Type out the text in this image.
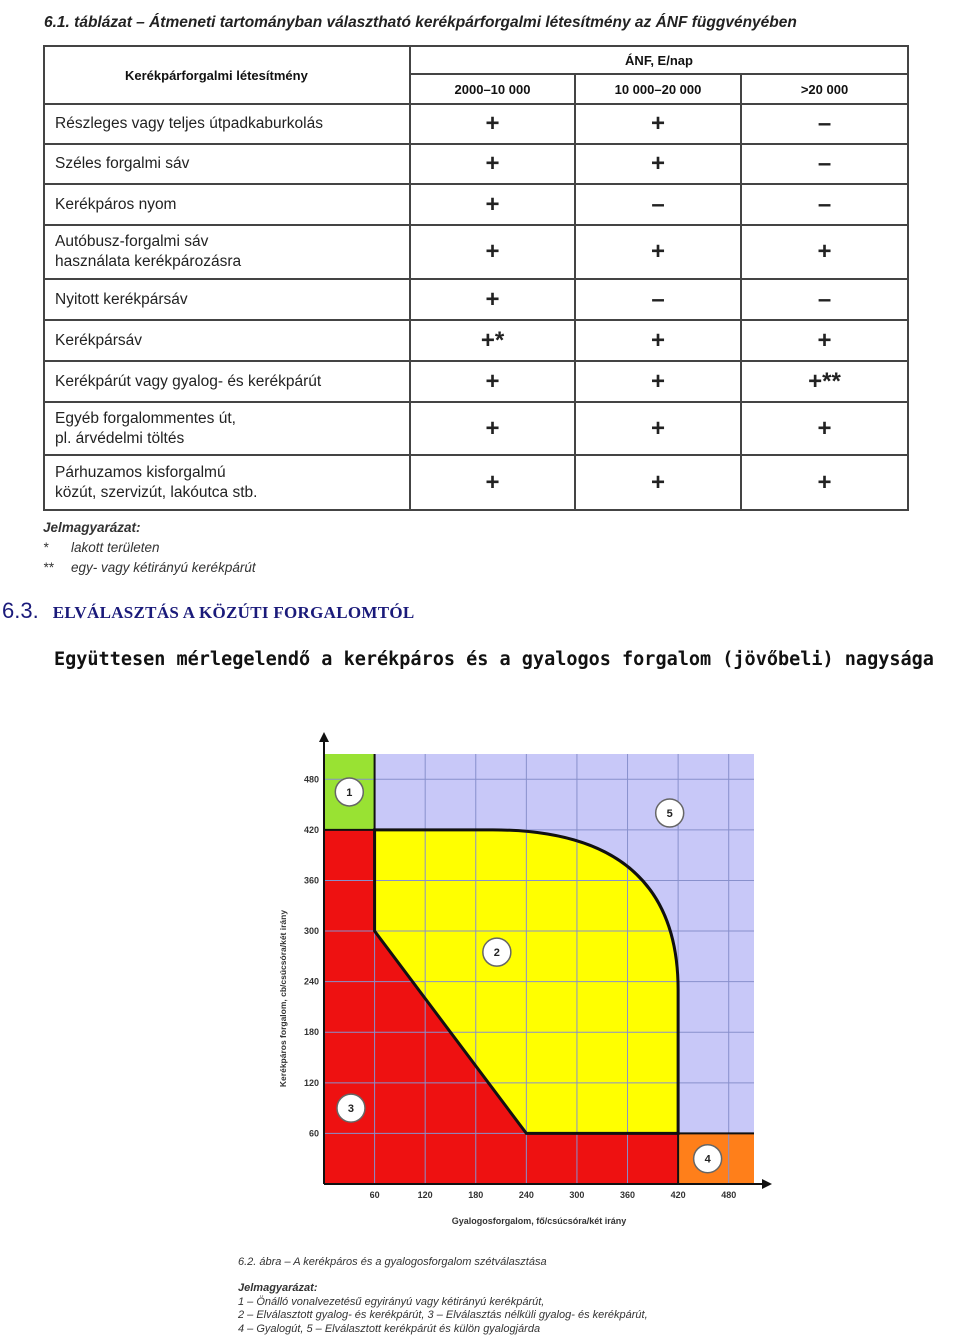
6.1. táblázat – Átmeneti tartományban választható kerékpárforgalmi létesítmény az ÁNF függvényében
Kerékpárforgalmi létesítmény	ÁNF, E/nap		
	2000–10 000	10 000–20 000	>20 000

Részleges vagy teljes útpadkaburkolás	+	+	–

Széles forgalmi sáv	+	+	–

Kerékpáros nyom	+	–	–

Autóbusz-forgalmi sáv
használata kerékpározásra	+	+	+

Nyitott kerékpársáv	+	–	–

Kerékpársáv	+*	+	+

Kerékpárút vagy gyalog- és kerékpárút	+	+	+**

Egyéb forgalommentes út,
pl. árvédelmi töltés	+	+	+

Párhuzamos kisforgalmú
közút, szervizút, lakóutca stb.	+	+	+
Jelmagyarázat:
*	lakott területen
**	egy- vagy kétirányú kerékpárút
6.3. ELVÁLASZTÁS A KÖZÚTI FORGALOMTÓL
Együttesen mérlegelendő a kerékpáros és a gyalogos forgalom (jövőbeli) nagysága
60	120	180	240	300	360	420	480
60
120
180
240
300
360
420
480
Gyalogosforgalom, fő/csúcsóra/két irány
Kerékpáros forgalom, cb/csúcsóra/két irány
1
2
3
4
5
6.2. ábra – A kerékpáros és a gyalogosforgalom szétválasztása
Jelmagyarázat:
1 – Önálló vonalvezetésű egyirányú vagy kétirányú kerékpárút,
2 – Elválasztott gyalog- és kerékpárút, 3 – Elválasztás nélküli gyalog- és kerékpárút,
4 – Gyalogút, 5 – Elválasztott kerékpárút és külön gyalogjárda
